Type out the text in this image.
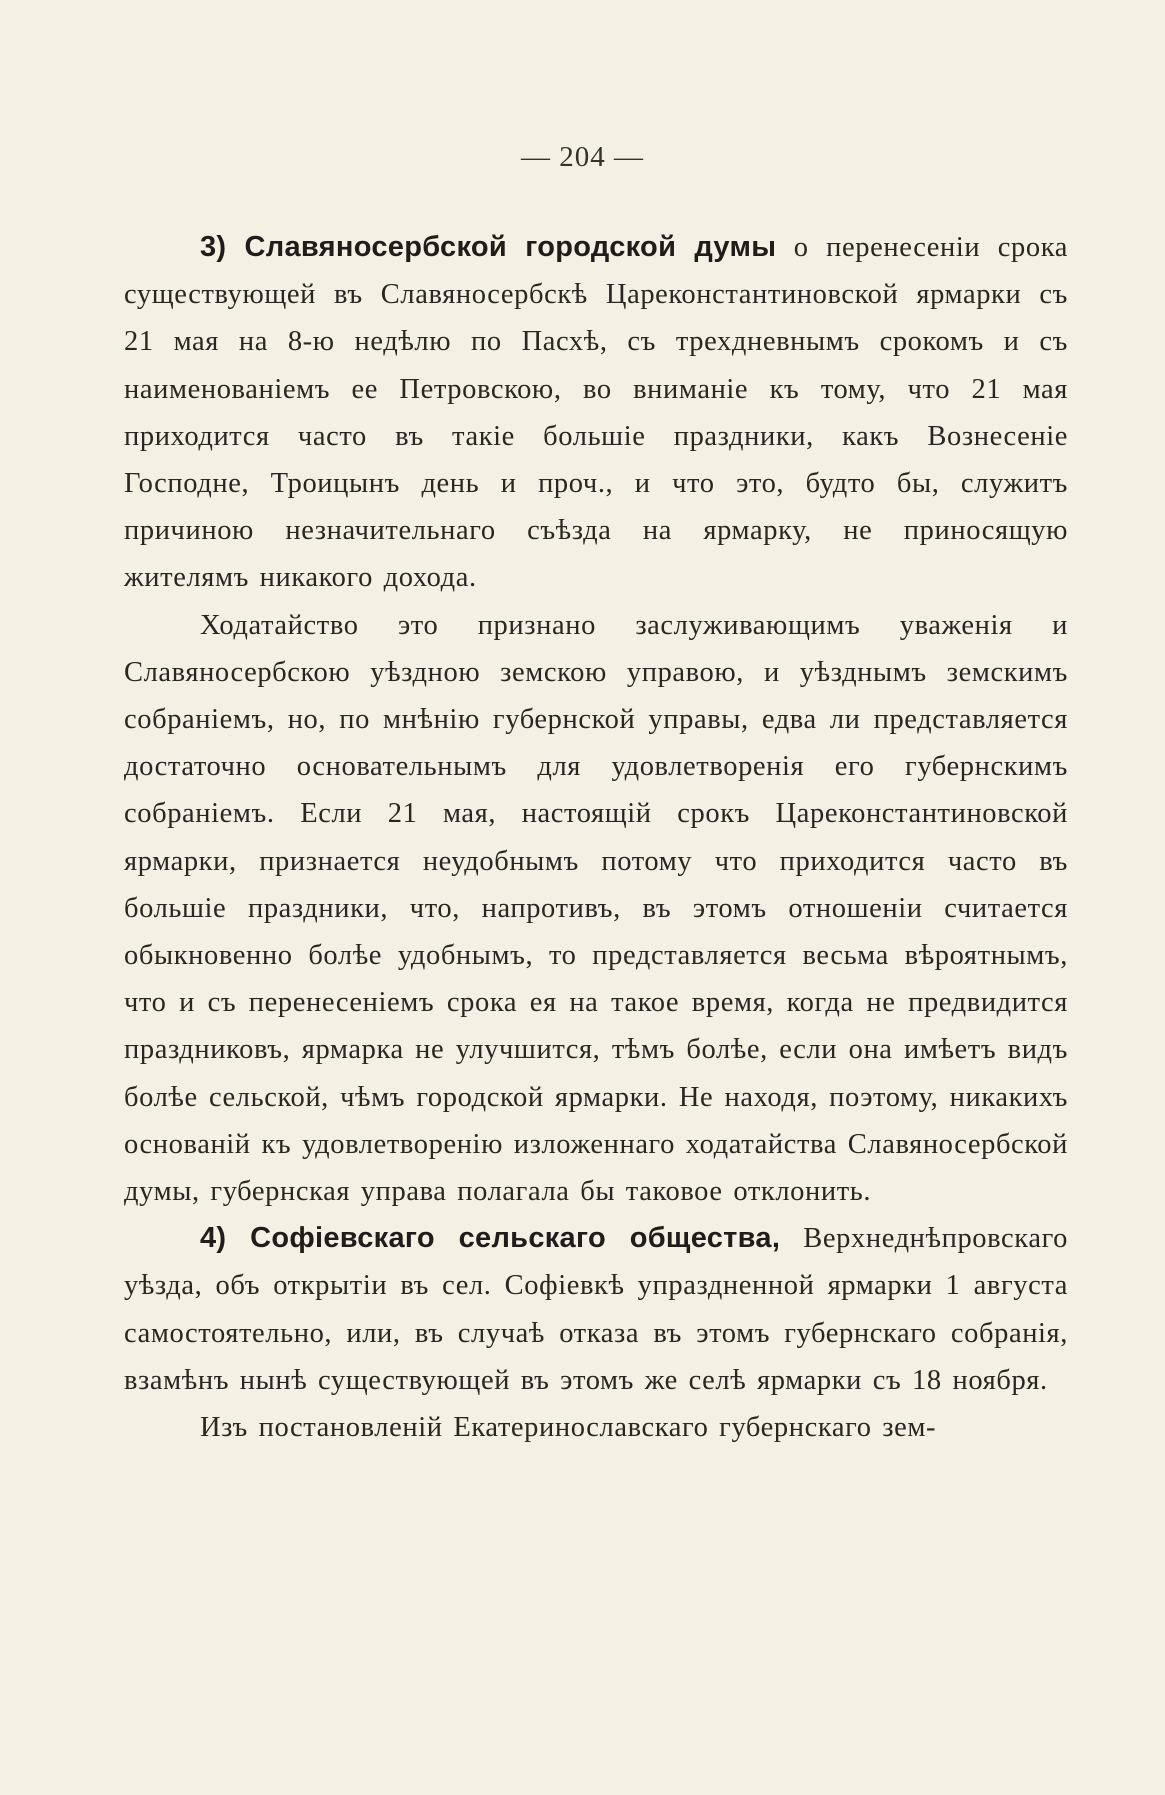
— 204 —

3) Славяносербской городской думы о перенесеніи срока существующей въ Славяносербскѣ Цареконстантиновской ярмарки съ 21 мая на 8-ю недѣлю по Пасхѣ, съ трехдневнымъ срокомъ и съ наименованіемъ ее Петровскою, во вниманіе къ тому, что 21 мая приходится часто въ такіе большіе праздники, какъ Вознесеніе Господне, Троицынъ день и проч., и что это, будто бы, служитъ причиною незначительнаго съѣзда на ярмарку, не приносящую жителямъ никакого дохода.

Ходатайство это признано заслуживающимъ уваженія и Славяносербскою уѣздною земскою управою, и уѣзднымъ земскимъ собраніемъ, но, по мнѣнію губернской управы, едва ли представляется достаточно основательнымъ для удовлетворенія его губернскимъ собраніемъ. Если 21 мая, настоящій срокъ Цареконстантиновской ярмарки, признается неудобнымъ потому что приходится часто въ большіе праздники, что, напротивъ, въ этомъ отношеніи считается обыкновенно болѣе удобнымъ, то представляется весьма вѣроятнымъ, что и съ перенесеніемъ срока ея на такое время, когда не предвидится праздниковъ, ярмарка не улучшится, тѣмъ болѣе, если она имѣетъ видъ болѣе сельской, чѣмъ городской ярмарки. Не находя, поэтому, никакихъ основаній къ удовлетворенію изложеннаго ходатайства Славяносербской думы, губернская управа полагала бы таковое отклонить.

4) Софіевскаго сельскаго общества, Верхнеднѣпровскаго уѣзда, объ открытіи въ сел. Софіевкѣ упраздненной ярмарки 1 августа самостоятельно, или, въ случаѣ отказа въ этомъ губернскаго собранія, взамѣнъ нынѣ существующей въ этомъ же селѣ ярмарки съ 18 ноября.

Изъ постановленій Екатеринославскаго губернскаго зем-
